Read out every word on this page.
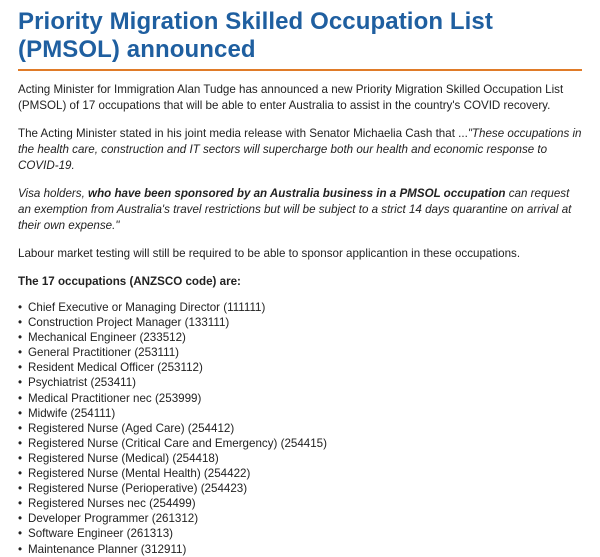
Priority Migration Skilled Occupation List (PMSOL) announced

Acting Minister for Immigration Alan Tudge has announced a new Priority Migration Skilled Occupation List (PMSOL) of 17 occupations that will be able to enter Australia to assist in the country's COVID recovery.

The Acting Minister stated in his joint media release with Senator Michaelia Cash that ..."These occupations in the health care, construction and IT sectors will supercharge both our health and economic response to COVID-19.

Visa holders, who have been sponsored by an Australia business in a PMSOL occupation can request an exemption from Australia's travel restrictions but will be subject to a strict 14 days quarantine on arrival at their own expense."

Labour market testing will still be required to be able to sponsor applicantion in these occupations.

The 17 occupations (ANZSCO code) are:
• Chief Executive or Managing Director (111111)
• Construction Project Manager (133111)
• Mechanical Engineer (233512)
• General Practitioner (253111)
• Resident Medical Officer (253112)
• Psychiatrist (253411)
• Medical Practitioner nec (253999)
• Midwife (254111)
• Registered Nurse (Aged Care) (254412)
• Registered Nurse (Critical Care and Emergency) (254415)
• Registered Nurse (Medical) (254418)
• Registered Nurse (Mental Health) (254422)
• Registered Nurse (Perioperative) (254423)
• Registered Nurses nec (254499)
• Developer Programmer (261312)
• Software Engineer (261313)
• Maintenance Planner (312911)
